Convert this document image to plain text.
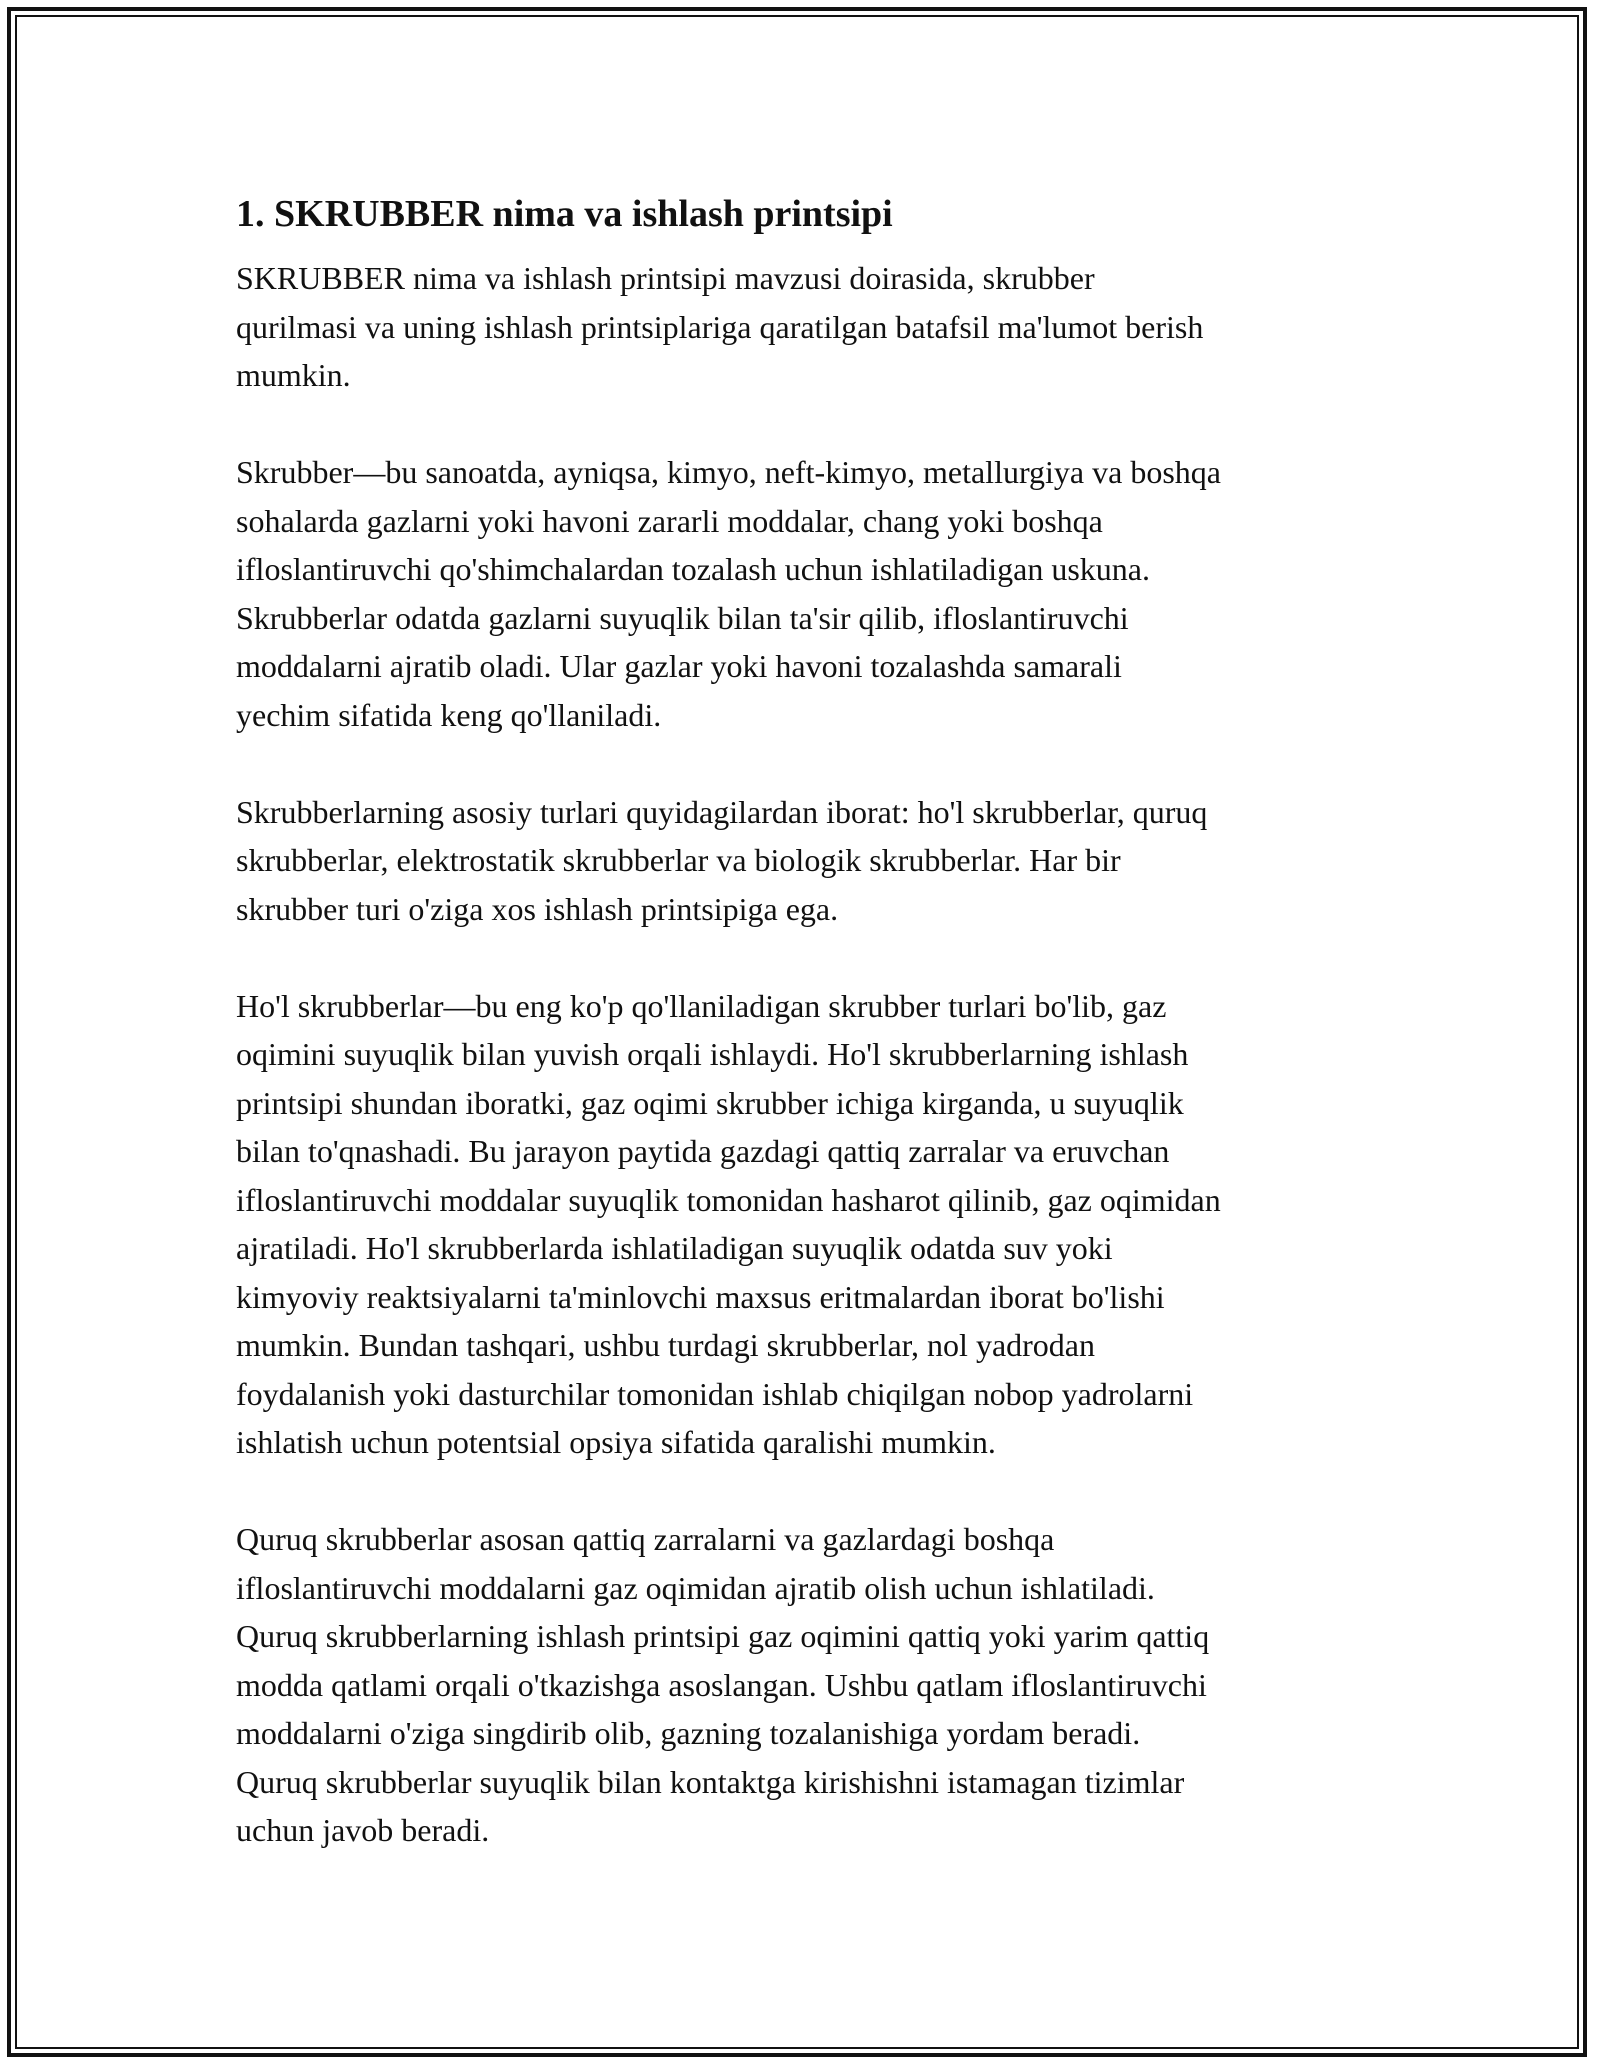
1. SKRUBBER nima va ishlash printsipi
SKRUBBER nima va ishlash printsipi mavzusi doirasida, skrubber
qurilmasi va uning ishlash printsiplariga qaratilgan batafsil ma'lumot berish
mumkin.
Skrubber—bu sanoatda, ayniqsa, kimyo, neft-kimyo, metallurgiya va boshqa
sohalarda gazlarni yoki havoni zararli moddalar, chang yoki boshqa
ifloslantiruvchi qo'shimchalardan tozalash uchun ishlatiladigan uskuna.
Skrubberlar odatda gazlarni suyuqlik bilan ta'sir qilib, ifloslantiruvchi
moddalarni ajratib oladi. Ular gazlar yoki havoni tozalashda samarali
yechim sifatida keng qo'llaniladi.
Skrubberlarning asosiy turlari quyidagilardan iborat: ho'l skrubberlar, quruq
skrubberlar, elektrostatik skrubberlar va biologik skrubberlar. Har bir
skrubber turi o'ziga xos ishlash printsipiga ega.
Ho'l skrubberlar—bu eng ko'p qo'llaniladigan skrubber turlari bo'lib, gaz
oqimini suyuqlik bilan yuvish orqali ishlaydi. Ho'l skrubberlarning ishlash
printsipi shundan iboratki, gaz oqimi skrubber ichiga kirganda, u suyuqlik
bilan to'qnashadi. Bu jarayon paytida gazdagi qattiq zarralar va eruvchan
ifloslantiruvchi moddalar suyuqlik tomonidan hasharot qilinib, gaz oqimidan
ajratiladi. Ho'l skrubberlarda ishlatiladigan suyuqlik odatda suv yoki
kimyoviy reaktsiyalarni ta'minlovchi maxsus eritmalardan iborat bo'lishi
mumkin. Bundan tashqari, ushbu turdagi skrubberlar, nol yadrodan
foydalanish yoki dasturchilar tomonidan ishlab chiqilgan nobop yadrolarni
ishlatish uchun potentsial opsiya sifatida qaralishi mumkin.
Quruq skrubberlar asosan qattiq zarralarni va gazlardagi boshqa
ifloslantiruvchi moddalarni gaz oqimidan ajratib olish uchun ishlatiladi.
Quruq skrubberlarning ishlash printsipi gaz oqimini qattiq yoki yarim qattiq
modda qatlami orqali o'tkazishga asoslangan. Ushbu qatlam ifloslantiruvchi
moddalarni o'ziga singdirib olib, gazning tozalanishiga yordam beradi.
Quruq skrubberlar suyuqlik bilan kontaktga kirishishni istamagan tizimlar
uchun javob beradi.
